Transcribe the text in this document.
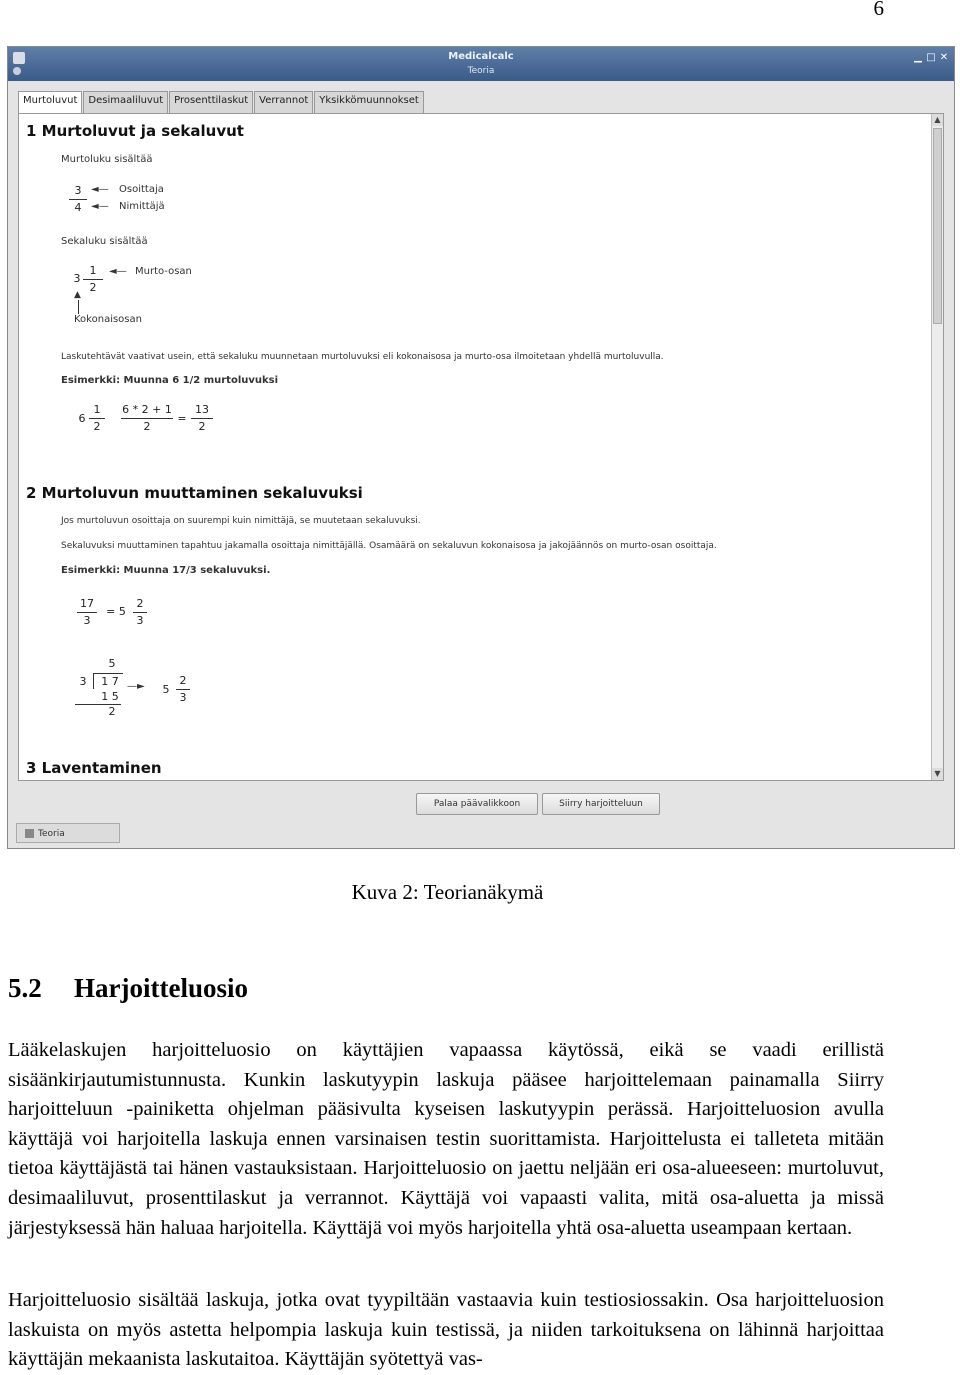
6
Medicalcalc
Teoria
▁ □ ✕
Murtoluvut	Desimaaliluvut	Prosenttilaskut	Verrannot	Yksikkömuunnokset
1 Murtoluvut ja sekaluvut
Murtoluku sisältää
3
4
◄— Osoittaja
◄— Nimittäjä
Sekaluku sisältää
3
1
2
◄— Murto-osan
▲
Kokonaisosan
Laskutehtävät vaativat usein, että sekaluku muunnetaan murtoluvuksi eli kokonaisosa ja murto-osa ilmoitetaan yhdellä murtoluvulla.
Esimerkki: Muunna 6 1/2 murtoluvuksi
6
1
2
6 * 2 + 1
2
=
13
2
2 Murtoluvun muuttaminen sekaluvuksi
Jos murtoluvun osoittaja on suurempi kuin nimittäjä, se muutetaan sekaluvuksi.
Sekaluvuksi muuttaminen tapahtuu jakamalla osoittaja nimittäjällä. Osamäärä on sekaluvun kokonaisosa ja jakojäännös on murto-osan osoittaja.
Esimerkki: Muunna 17/3 sekaluvuksi.
17
3
= 5
2
3
5
3	1 7
1 5
2
—► 5
2
3
3 Laventaminen
▲
▼
Palaa päävalikkoon	Siirry harjoitteluun
Teoria
Kuva 2: Teorianäkymä
5.2 Harjoitteluosio
Lääkelaskujen harjoitteluosio on käyttäjien vapaassa käytössä, eikä se vaadi erillistä sisäänkirjautumistunnusta. Kunkin laskutyypin laskuja pääsee harjoittelemaan painamalla Siirry harjoitteluun -painiketta ohjelman pääsivulta kyseisen laskutyypin perässä. Harjoitteluosion avulla käyttäjä voi harjoitella laskuja ennen varsinaisen testin suorittamista. Harjoittelusta ei talleteta mitään tietoa käyttäjästä tai hänen vastauksistaan. Harjoitteluosio on jaettu neljään eri osa-alueeseen: murtoluvut, desimaaliluvut, prosenttilaskut ja verrannot. Käyttäjä voi vapaasti valita, mitä osa-aluetta ja missä järjestyksessä hän haluaa harjoitella. Käyttäjä voi myös harjoitella yhtä osa-aluetta useampaan kertaan.
Harjoitteluosio sisältää laskuja, jotka ovat tyypiltään vastaavia kuin testiosiossakin. Osa harjoitteluosion laskuista on myös astetta helpompia laskuja kuin testissä, ja niiden tarkoituksena on lähinnä harjoittaa käyttäjän mekaanista laskutaitoa. Käyttäjän syötettyä vas-
